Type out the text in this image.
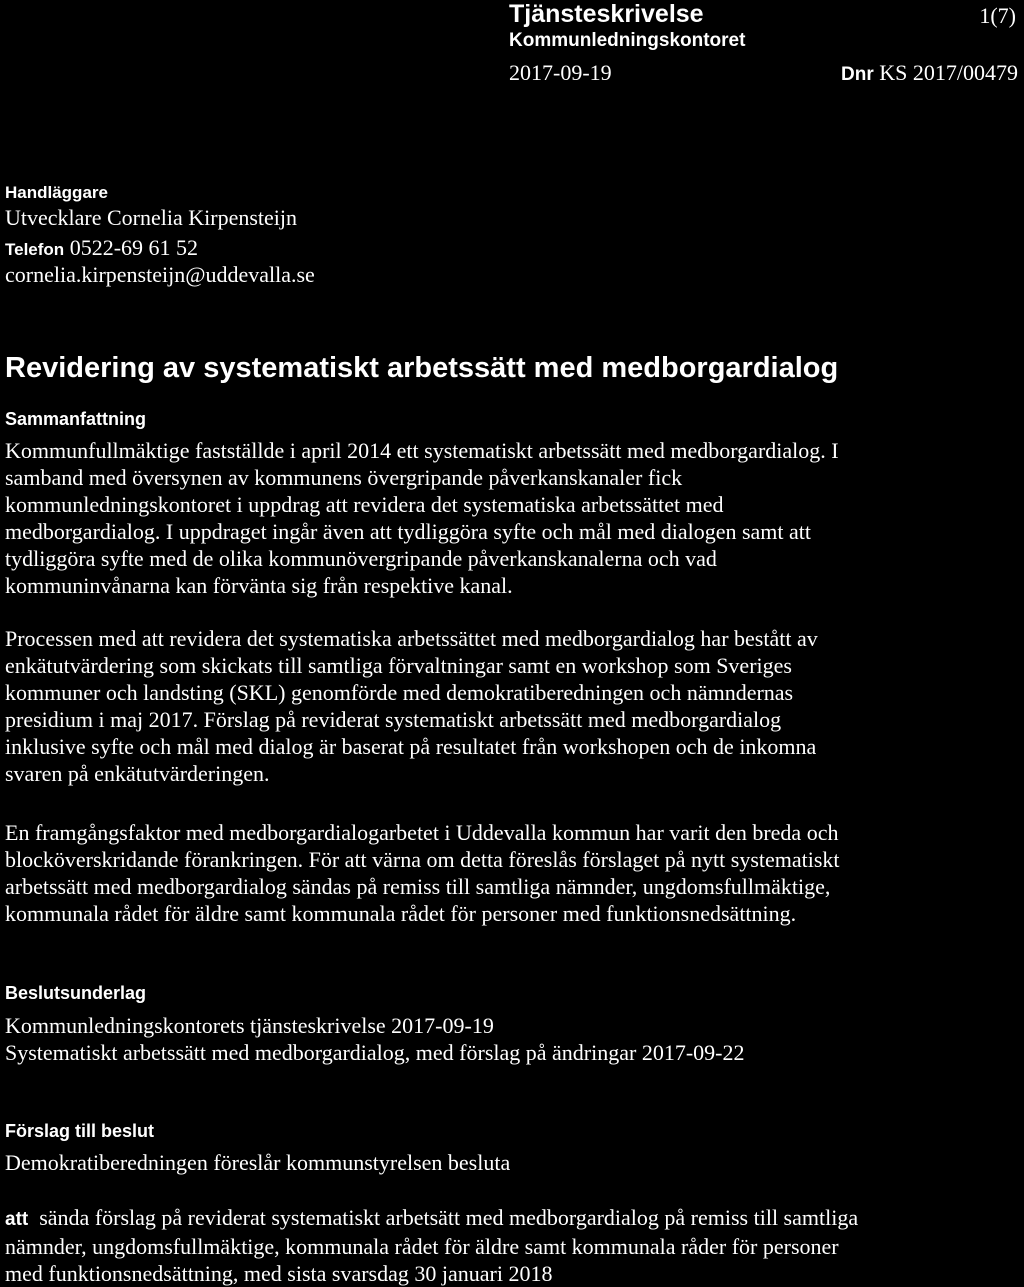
Tjänsteskrivelse	1(7)
Kommunledningskontoret
2017-09-19	Dnr KS 2017/00479
Handläggare
Utvecklare Cornelia Kirpensteijn
Telefon 0522-69 61 52
cornelia.kirpensteijn@uddevalla.se
Revidering av systematiskt arbetssätt med medborgardialog
Sammanfattning
Kommunfullmäktige fastställde i april 2014 ett systematiskt arbetssätt med medborgardialog. I samband med översynen av kommunens övergripande påverkanskanaler fick kommunledningskontoret i uppdrag att revidera det systematiska arbetssättet med medborgardialog. I uppdraget ingår även att tydliggöra syfte och mål med dialogen samt att tydliggöra syfte med de olika kommunövergripande påverkanskanalerna och vad kommuninvånarna kan förvänta sig från respektive kanal.
Processen med att revidera det systematiska arbetssättet med medborgardialog har bestått av enkätutvärdering som skickats till samtliga förvaltningar samt en workshop som Sveriges kommuner och landsting (SKL) genomförde med demokratiberedningen och nämndernas presidium i maj 2017. Förslag på reviderat systematiskt arbetssätt med medborgardialog inklusive syfte och mål med dialog är baserat på resultatet från workshopen och de inkomna svaren på enkätutvärderingen.
En framgångsfaktor med medborgardialogarbetet i Uddevalla kommun har varit den breda och blocköverskridande förankringen. För att värna om detta föreslås förslaget på nytt systematiskt arbetssätt med medborgardialog sändas på remiss till samtliga nämnder, ungdomsfullmäktige, kommunala rådet för äldre samt kommunala rådet för personer med funktionsnedsättning.
Beslutsunderlag
Kommunledningskontorets tjänsteskrivelse 2017-09-19
Systematiskt arbetssätt med medborgardialog, med förslag på ändringar 2017-09-22
Förslag till beslut
Demokratiberedningen föreslår kommunstyrelsen besluta
att sända förslag på reviderat systematiskt arbetsätt med medborgardialog på remiss till samtliga nämnder, ungdomsfullmäktige, kommunala rådet för äldre samt kommunala råder för personer med funktionsnedsättning, med sista svarsdag 30 januari 2018
